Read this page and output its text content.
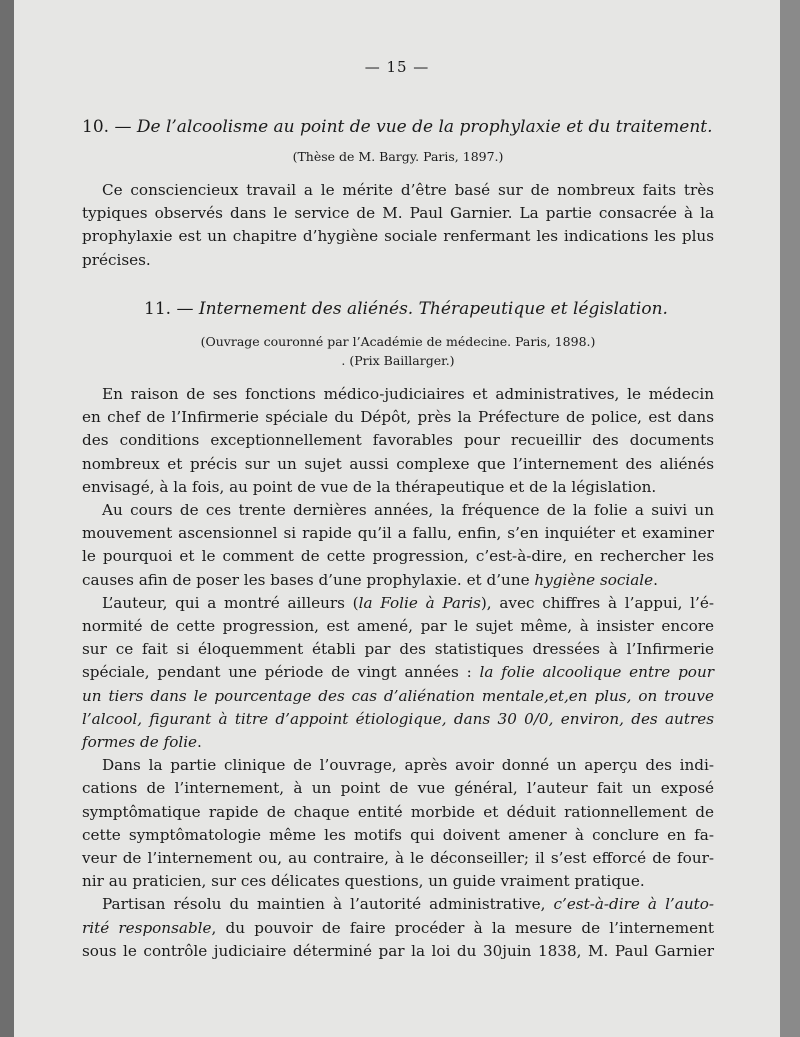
— 15 —
10. — De l’alcoolisme au point de vue de la prophylaxie et du traitement.
(Thèse de M. Bargy. Paris, 1897.)
Ce consciencieux travail a le mérite d’être basé sur de nombreux faits très
typiques observés dans le service de M. Paul Garnier. La partie consacrée à la
prophylaxie est un chapitre d’hygiène sociale renfermant les indications les plus
précises.
11. — Internement des aliénés. Thérapeutique et législation.
(Ouvrage couronné par l’Académie de médecine. Paris, 1898.)
. (Prix Baillarger.)
En raison de ses fonctions médico-judiciaires et administratives, le médecin
en chef de l’Infirmerie spéciale du Dépôt, près la Préfecture de police, est dans
des conditions exceptionnellement favorables pour recueillir des documents
nombreux et précis sur un sujet aussi complexe que l’internement des aliénés
envisagé, à la fois, au point de vue de la thérapeutique et de la législation.
Au cours de ces trente dernières années, la fréquence de la folie a suivi un
mouvement ascensionnel si rapide qu’il a fallu, enfin, s’en inquiéter et examiner
le pourquoi et le comment de cette progression, c’est-à-dire, en rechercher les
causes afin de poser les bases d’une prophylaxie. et d’une hygiène sociale.
L’auteur, qui a montré ailleurs (la Folie à Paris), avec chiffres à l’appui, l’é-
normité de cette progression, est amené, par le sujet même, à insister encore
sur ce fait si éloquemment établi par des statistiques dressées à l’Infirmerie
spéciale, pendant une période de vingt années : la folie alcoolique entre pour
un tiers dans le pourcentage des cas d’aliénation mentale,et,en plus, on trouve
l’alcool, figurant à titre d’appoint étiologique, dans 30 0/0, environ, des autres
formes de folie.
Dans la partie clinique de l’ouvrage, après avoir donné un aperçu des indi-
cations de l’internement, à un point de vue général, l’auteur fait un exposé
symptômatique rapide de chaque entité morbide et déduit rationnellement de
cette symptômatologie même les motifs qui doivent amener à conclure en fa-
veur de l’internement ou, au contraire, à le déconseiller; il s’est efforcé de four-
nir au praticien, sur ces délicates questions, un guide vraiment pratique.
Partisan résolu du maintien à l’autorité administrative, c’est-à-dire à l’auto-
rité responsable, du pouvoir de faire procéder à la mesure de l’internement
sous le contrôle judiciaire déterminé par la loi du 30juin 1838, M. Paul Garnier
